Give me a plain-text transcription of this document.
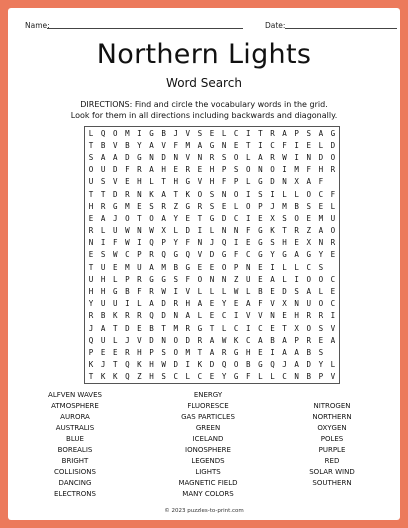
Name:	Date:
Northern Lights
Word Search
DIRECTIONS: Find and circle the vocabulary words in the grid.
Look for them in all directions including backwards and diagonally.
L	Q	O	M	I	G	B	J	V	S	E	L	C	I	T	R	A	P	S	A	G
T	B	V	B	Y	A	V	F	M	A	G	N	E	T	I	C	F	I	E	L	D
S	A	A	D	G	N	D	N	V	N	R	S	O	L	A	R	W	I	N	D	O
O	U	D	F	R	A	H	E	R	E	H	P	S	O	N	O	I	M	F	H	R
U	S	V	E	H	L	T	H	G	V	H	F	P	L	G	D	N	X	A	F
T	T	D	R	N	K	A	T	K	O	S	N	O	I	S	I	L	L	O	C	F
H	R	G	M	E	S	R	Z	G	R	S	E	L	O	P	J	M	B	S	E	L
E	A	J	O	T	O	A	Y	E	T	G	D	C	I	E	X	S	O	E	M	U
R	L	U	W	N	W	X	L	D	I	L	N	N	F	G	K	T	R	Z	A	O
N	I	F	W	I	Q	P	Y	F	N	J	Q	I	E	G	S	H	E	X	N	R
E	S	W	C	P	R	Q	G	Q	V	D	G	F	C	G	Y	G	A	G	Y	E
T	U	E	M	U	A	M	B	G	E	E	O	P	N	E	I	L	L	C	S
U	H	L	P	R	G	G	S	F	O	N	N	Z	U	E	A	L	I	O	O	C
H	H	G	B	F	R	W	I	V	L	L	L	W	L	B	E	D	S	A	L	E
Y	U	U	I	L	A	D	R	H	A	E	Y	E	A	F	V	X	N	U	O	C
R	B	K	R	R	Q	D	N	A	L	E	C	I	V	V	N	E	H	R	R	I
J	A	T	D	E	B	T	M	R	G	T	L	C	I	C	E	T	X	O	S	V
Q	U	L	J	V	D	N	O	D	R	A	W	K	C	A	B	A	P	R	E	A
P	E	E	R	H	P	S	O	M	T	A	R	G	H	E	I	A	A	B	S
K	J	T	Q	K	H	W	D	I	K	D	Q	O	B	G	Q	J	A	D	Y	L
T	K	K	Q	Z	H	S	C	L	C	E	Y	G	F	L	L	C	N	B	P	V
ALFVEN WAVES
ATMOSPHERE
AURORA
AUSTRALIS
BLUE
BOREALIS
BRIGHT
COLLISIONS
DANCING
ELECTRONS
ENERGY
FLUORESCE
GAS PARTICLES
GREEN
ICELAND
IONOSPHERE
LEGENDS
LIGHTS
MAGNETIC FIELD
MANY COLORS

NITROGEN
NORTHERN
OXYGEN
POLES
PURPLE
RED
SOLAR WIND
SOUTHERN

© 2023 puzzles-to-print.com
